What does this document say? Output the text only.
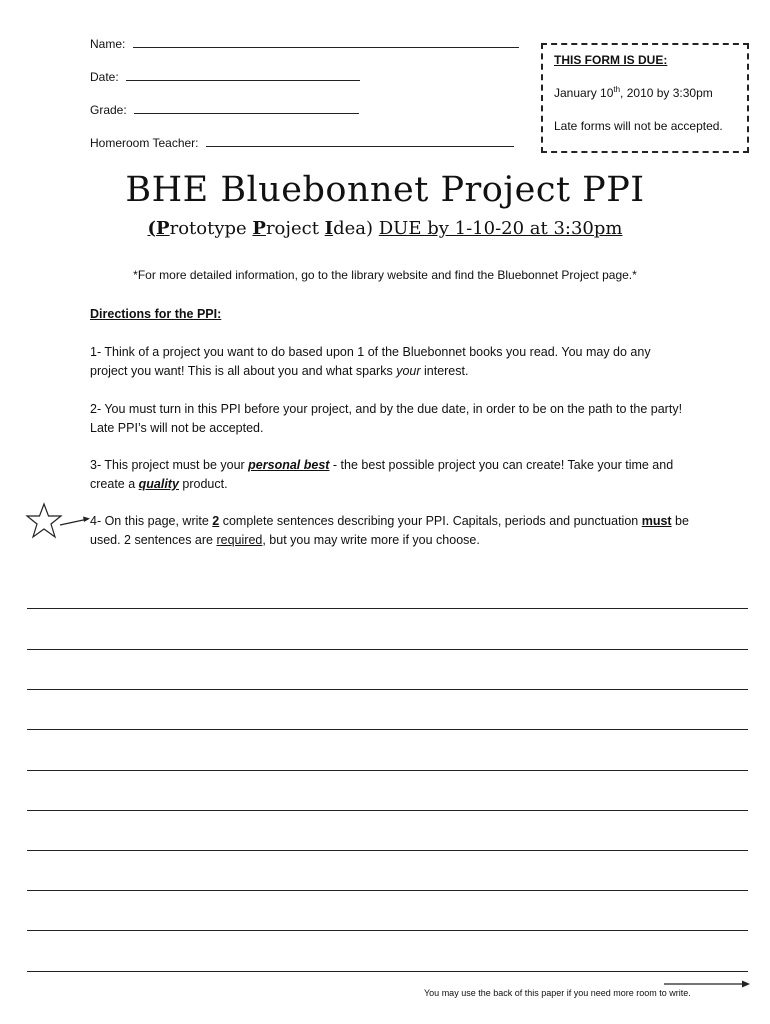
Name:
Date:
Grade:
Homeroom Teacher:
THIS FORM IS DUE:
January 10th, 2010 by 3:30pm
Late forms will not be accepted.
BHE Bluebonnet Project PPI
(Prototype Project Idea) DUE by 1-10-20 at 3:30pm
*For more detailed information, go to the library website and find the Bluebonnet Project page.*
Directions for the PPI:
1- Think of a project you want to do based upon 1 of the Bluebonnet books you read. You may do any project you want! This is all about you and what sparks your interest.
2- You must turn in this PPI before your project, and by the due date, in order to be on the path to the party! Late PPI’s will not be accepted.
3- This project must be your personal best - the best possible project you can create! Take your time and create a quality product.
4- On this page, write 2 complete sentences describing your PPI. Capitals, periods and punctuation must be used. 2 sentences are required, but you may write more if you choose.
You may use the back of this paper if you need more room to write.
